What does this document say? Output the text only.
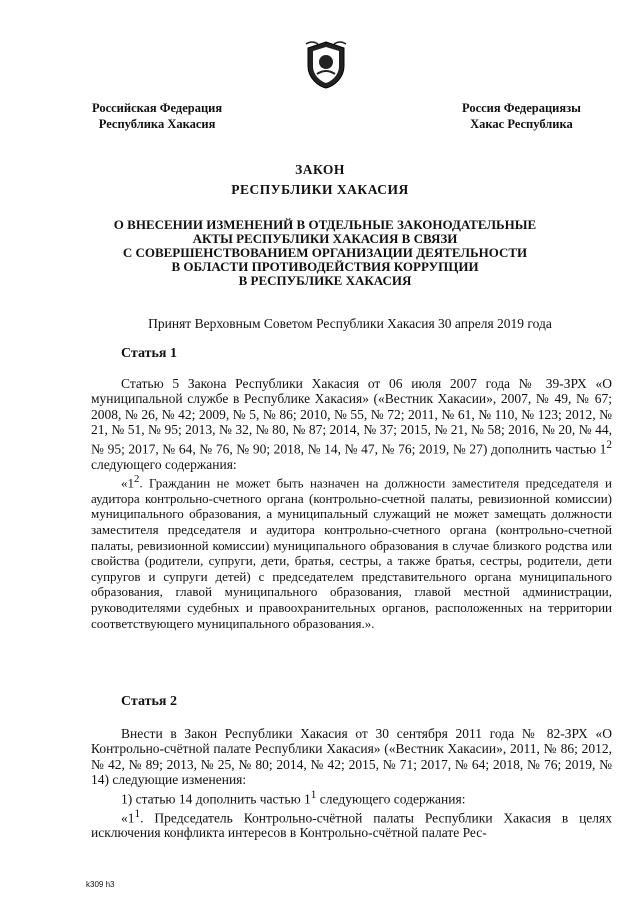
Российская Федерация
Республика Хакасия
Россия Федерациязы
Хакас Республика
ЗАКОН
РЕСПУБЛИКИ ХАКАСИЯ
О ВНЕСЕНИИ ИЗМЕНЕНИЙ В ОТДЕЛЬНЫЕ ЗАКОНОДАТЕЛЬНЫЕ
АКТЫ РЕСПУБЛИКИ ХАКАСИЯ В СВЯЗИ
С СОВЕРШЕНСТВОВАНИЕМ ОРГАНИЗАЦИИ ДЕЯТЕЛЬНОСТИ
В ОБЛАСТИ ПРОТИВОДЕЙСТВИЯ КОРРУПЦИИ
В РЕСПУБЛИКЕ ХАКАСИЯ
Принят Верховным Советом Республики Хакасия 30 апреля 2019 года
Статья 1

Статью 5 Закона Республики Хакасия от 06 июля 2007 года № 39-ЗРХ «О муниципальной службе в Республике Хакасия» («Вестник Хакасии», 2007, № 49, № 67; 2008, № 26, № 42; 2009, № 5, № 86; 2010, № 55, № 72; 2011, № 61, № 110, № 123; 2012, № 21, № 51, № 95; 2013, № 32, № 80, № 87; 2014, № 37; 2015, № 21, № 58; 2016, № 20, № 44, № 95; 2017, № 64, № 76, № 90; 2018, № 14, № 47, № 76; 2019, № 27) дополнить частью $1^2$ следующего содержания:

«$1^2$. Гражданин не может быть назначен на должности заместителя председателя и аудитора контрольно-счетного органа (контрольно-счетной палаты, ревизионной комиссии) муниципального образования, а муниципальный служащий не может замещать должности заместителя председателя и аудитора контрольно-счетного органа (контрольно-счетной палаты, ревизионной комиссии) муниципального образования в случае близкого родства или свойства (родители, супруги, дети, братья, сестры, а также братья, сестры, родители, дети супругов и супруги детей) с председателем представительного органа муниципального образования, главой муниципального образования, главой местной администрации, руководителями судебных и правоохранительных органов, расположенных на территории соответствующего муниципального образования.».

Статья 2

Внести в Закон Республики Хакасия от 30 сентября 2011 года № 82-ЗРХ «О Контрольно-счётной палате Республики Хакасия» («Вестник Хакасии», 2011, № 86; 2012, № 42, № 89; 2013, № 25, № 80; 2014, № 42; 2015, № 71; 2017, № 64; 2018, № 76; 2019, № 14) следующие изменения:

1) статью 14 дополнить частью $1^1$ следующего содержания:

«$1^1$. Председатель Контрольно-счётной палаты Республики Хакасия в целях исключения конфликта интересов в Контрольно-счётной палате Рес-

k309 h3
